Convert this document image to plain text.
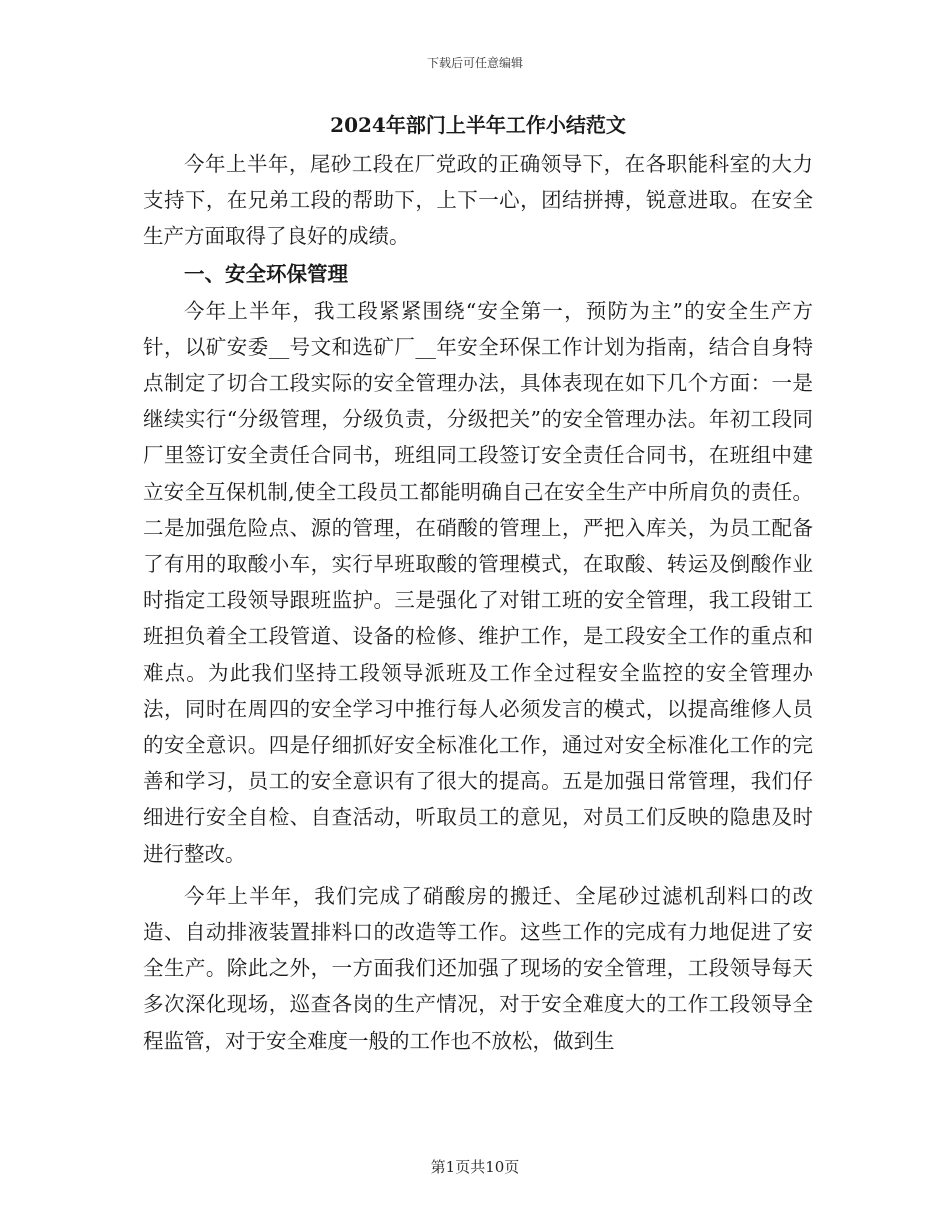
下载后可任意编辑
2024年部门上半年工作小结范文

今年上半年，尾砂工段在厂党政的正确领导下，在各职能科室的大力支持下，在兄弟工段的帮助下，上下一心，团结拼搏，锐意进取。在安全生产方面取得了良好的成绩。

一、安全环保管理

今年上半年，我工段紧紧围绕“安全第一，预防为主”的安全生产方针，以矿安委__号文和选矿厂__年安全环保工作计划为指南，结合自身特点制定了切合工段实际的安全管理办法，具体表现在如下几个方面：一是继续实行“分级管理，分级负责，分级把关”的安全管理办法。年初工段同厂里签订安全责任合同书，班组同工段签订安全责任合同书，在班组中建立安全互保机制,使全工段员工都能明确自己在安全生产中所肩负的责任。二是加强危险点、源的管理，在硝酸的管理上，严把入库关，为员工配备了有用的取酸小车，实行早班取酸的管理模式，在取酸、转运及倒酸作业时指定工段领导跟班监护。三是强化了对钳工班的安全管理，我工段钳工班担负着全工段管道、设备的检修、维护工作，是工段安全工作的重点和难点。为此我们坚持工段领导派班及工作全过程安全监控的安全管理办法，同时在周四的安全学习中推行每人必须发言的模式，以提高维修人员的安全意识。四是仔细抓好安全标准化工作，通过对安全标准化工作的完善和学习，员工的安全意识有了很大的提高。五是加强日常管理，我们仔细进行安全自检、自查活动，听取员工的意见，对员工们反映的隐患及时进行整改。

今年上半年，我们完成了硝酸房的搬迁、全尾砂过滤机刮料口的改造、自动排液装置排料口的改造等工作。这些工作的完成有力地促进了安全生产。除此之外，一方面我们还加强了现场的安全管理，工段领导每天多次深化现场，巡查各岗的生产情况，对于安全难度大的工作工段领导全程监管，对于安全难度一般的工作也不放松，做到生

第1页共10页
